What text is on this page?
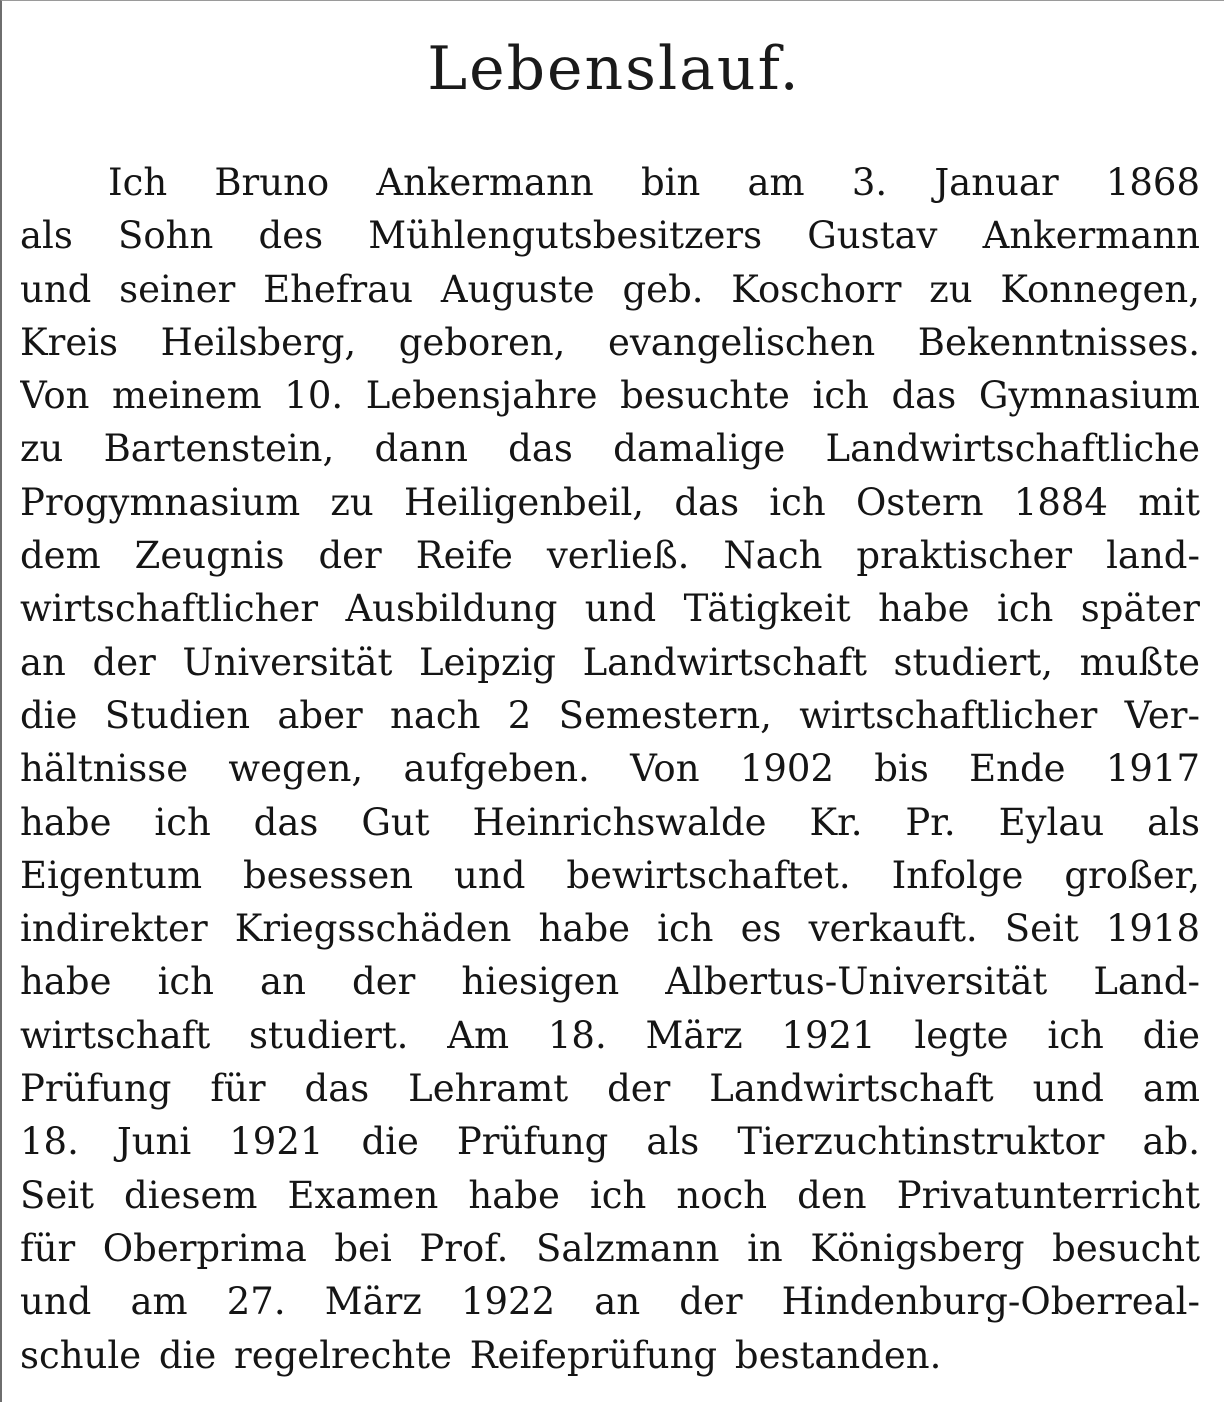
Lebenslauf.
Ich Bruno Ankermann bin am 3. Januar 1868
als Sohn des Mühlengutsbesitzers Gustav Ankermann
und seiner Ehefrau Auguste geb. Koschorr zu Konnegen,
Kreis Heilsberg, geboren, evangelischen Bekenntnisses.
Von meinem 10. Lebensjahre besuchte ich das Gymnasium
zu Bartenstein, dann das damalige Landwirtschaftliche
Progymnasium zu Heiligenbeil, das ich Ostern 1884 mit
dem Zeugnis der Reife verließ. Nach praktischer land-
wirtschaftlicher Ausbildung und Tätigkeit habe ich später
an der Universität Leipzig Landwirtschaft studiert, mußte
die Studien aber nach 2 Semestern, wirtschaftlicher Ver-
hältnisse wegen, aufgeben. Von 1902 bis Ende 1917
habe ich das Gut Heinrichswalde Kr. Pr. Eylau als
Eigentum besessen und bewirtschaftet. Infolge großer,
indirekter Kriegsschäden habe ich es verkauft. Seit 1918
habe ich an der hiesigen Albertus-Universität Land-
wirtschaft studiert. Am 18. März 1921 legte ich die
Prüfung für das Lehramt der Landwirtschaft und am
18. Juni 1921 die Prüfung als Tierzuchtinstruktor ab.
Seit diesem Examen habe ich noch den Privatunterricht
für Oberprima bei Prof. Salzmann in Königsberg besucht
und am 27. März 1922 an der Hindenburg-Oberreal-
schule die regelrechte Reifeprüfung bestanden.
